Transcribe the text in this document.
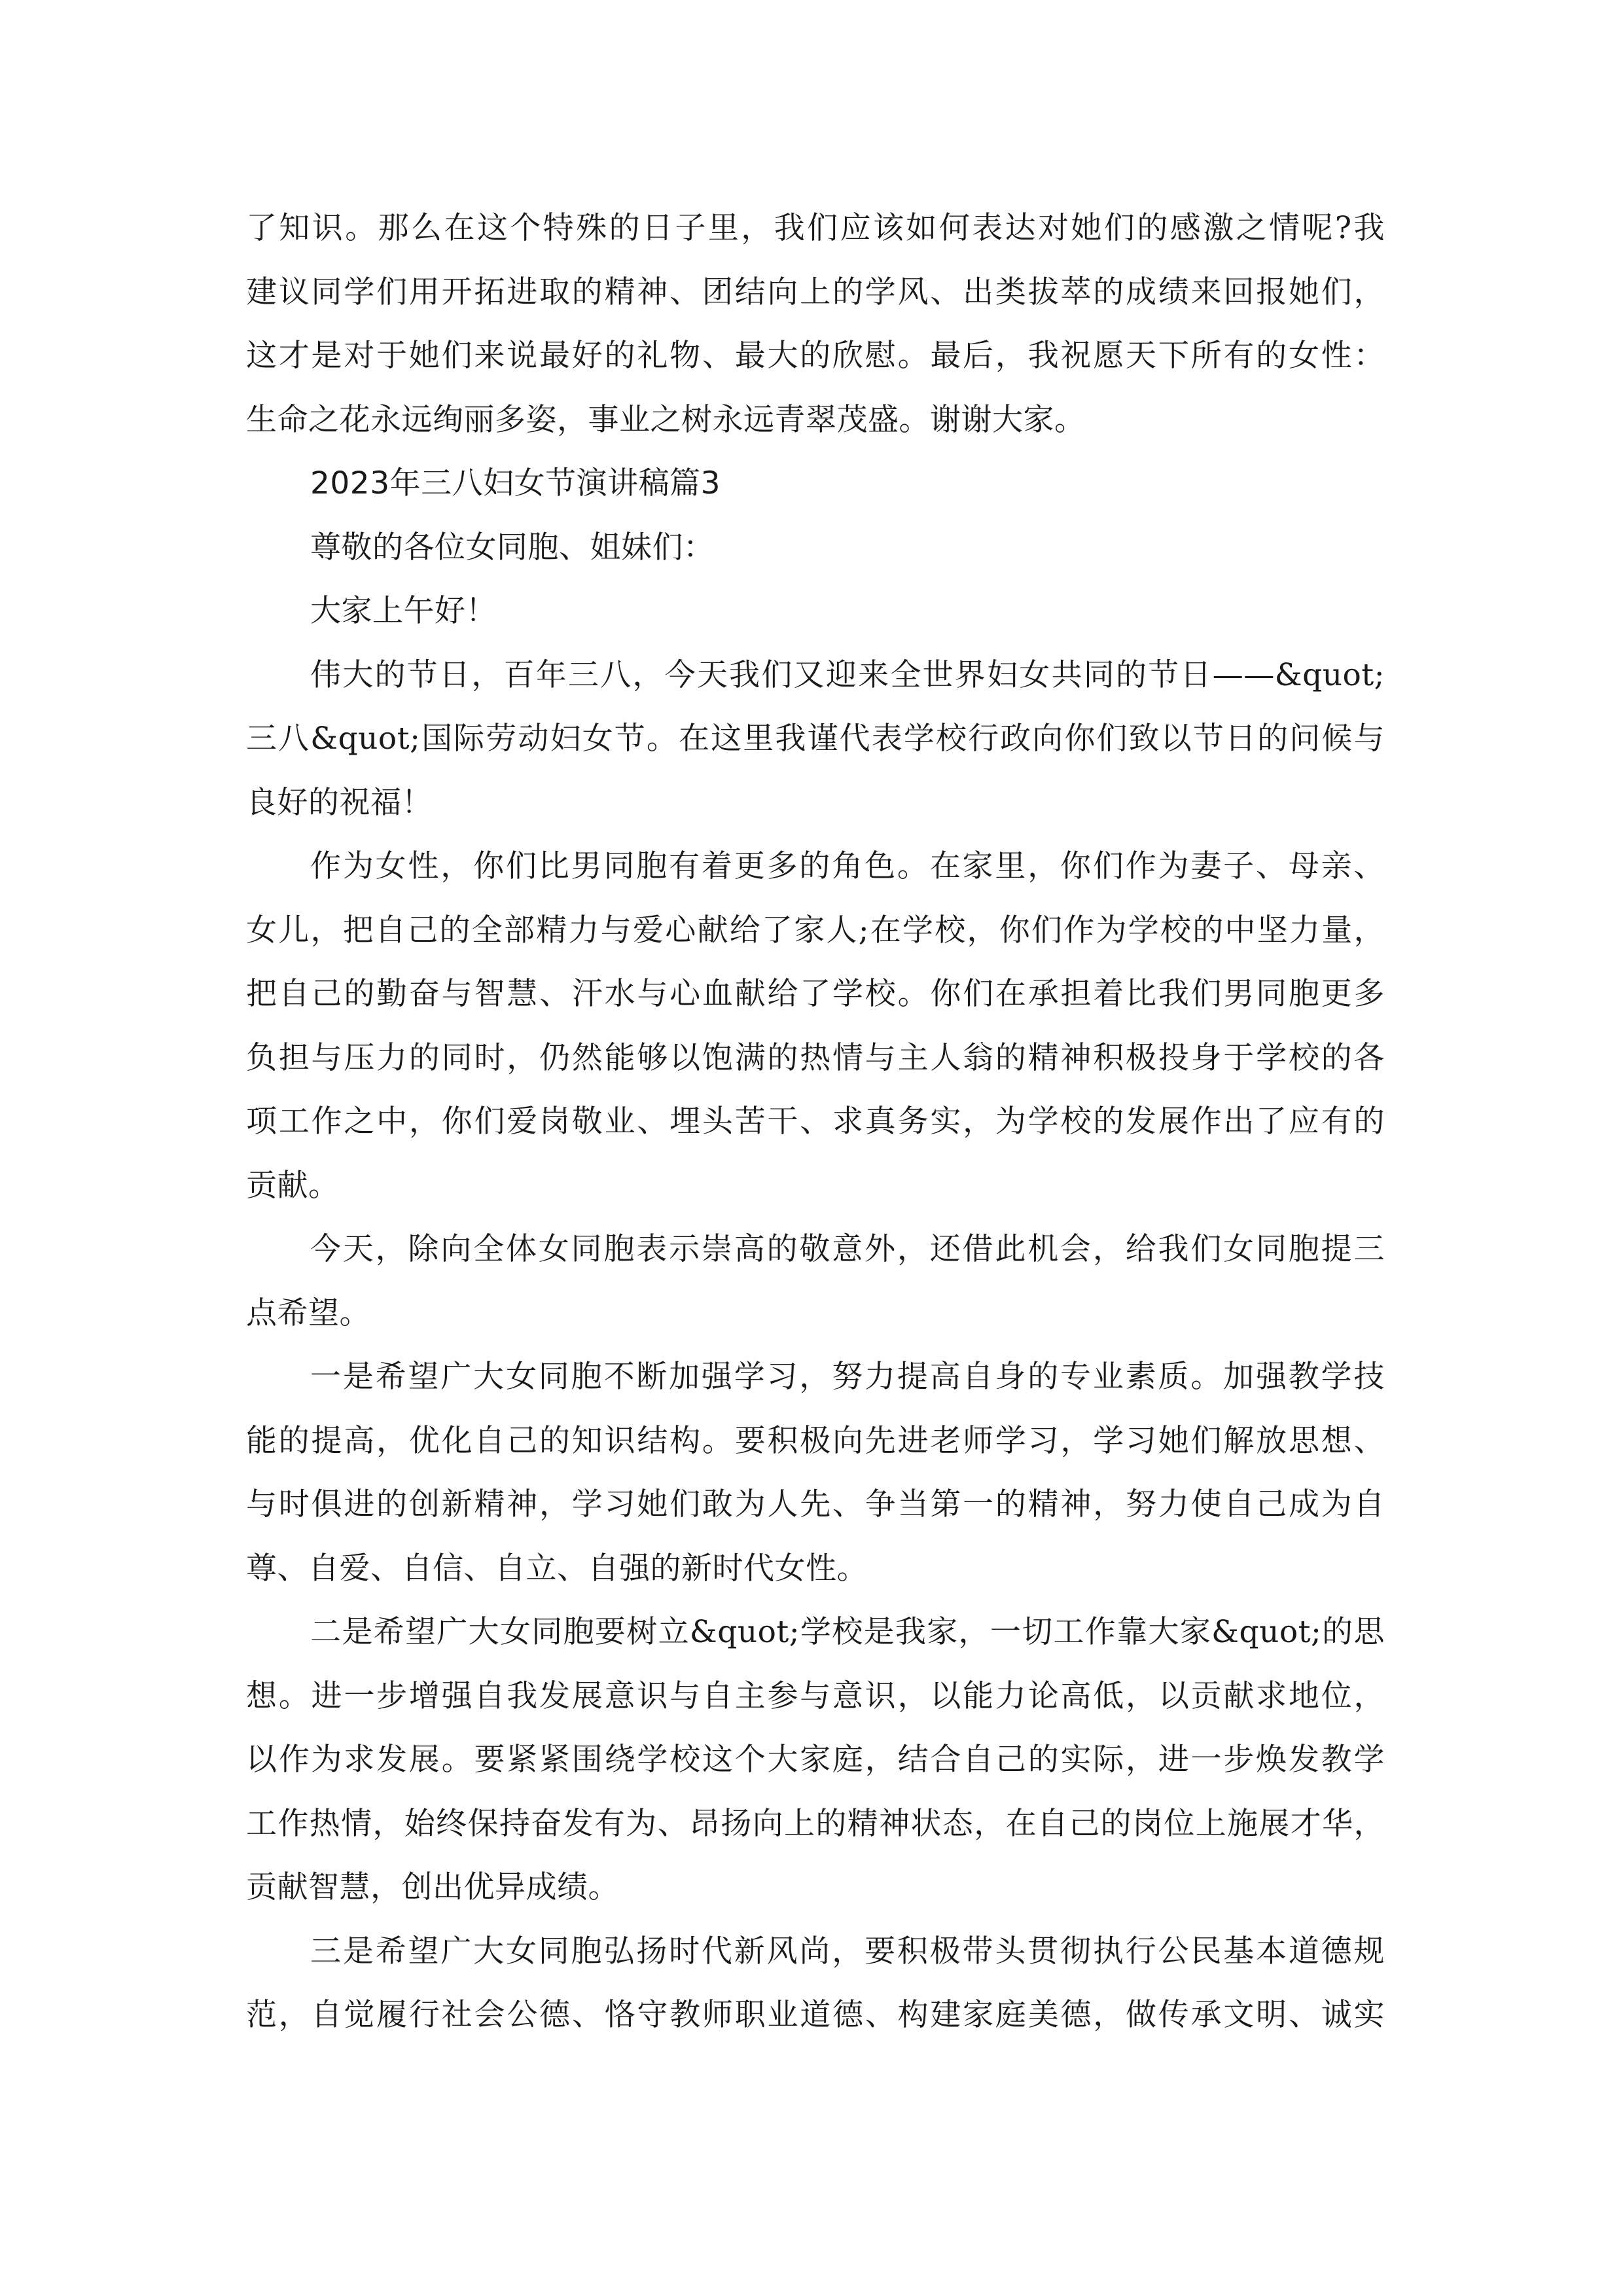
了知识。那么在这个特殊的日子里，我们应该如何表达对她们的感激之情呢?我
建议同学们用开拓进取的精神、团结向上的学风、出类拔萃的成绩来回报她们，
这才是对于她们来说最好的礼物、最大的欣慰。最后，我祝愿天下所有的女性：
生命之花永远绚丽多姿，事业之树永远青翠茂盛。谢谢大家。
2023年三八妇女节演讲稿篇3
尊敬的各位女同胞、姐妹们：
大家上午好！
伟大的节日，百年三八，今天我们又迎来全世界妇女共同的节日——&quot;
三八&quot;国际劳动妇女节。在这里我谨代表学校行政向你们致以节日的问候与
良好的祝福！
作为女性，你们比男同胞有着更多的角色。在家里，你们作为妻子、母亲、
女儿，把自己的全部精力与爱心献给了家人;在学校，你们作为学校的中坚力量，
把自己的勤奋与智慧、汗水与心血献给了学校。你们在承担着比我们男同胞更多
负担与压力的同时，仍然能够以饱满的热情与主人翁的精神积极投身于学校的各
项工作之中，你们爱岗敬业、埋头苦干、求真务实，为学校的发展作出了应有的
贡献。
今天，除向全体女同胞表示崇高的敬意外，还借此机会，给我们女同胞提三
点希望。
一是希望广大女同胞不断加强学习，努力提高自身的专业素质。加强教学技
能的提高，优化自己的知识结构。要积极向先进老师学习，学习她们解放思想、
与时俱进的创新精神，学习她们敢为人先、争当第一的精神，努力使自己成为自
尊、自爱、自信、自立、自强的新时代女性。
二是希望广大女同胞要树立&quot;学校是我家，一切工作靠大家&quot;的思
想。进一步增强自我发展意识与自主参与意识，以能力论高低，以贡献求地位，
以作为求发展。要紧紧围绕学校这个大家庭，结合自己的实际，进一步焕发教学
工作热情，始终保持奋发有为、昂扬向上的精神状态，在自己的岗位上施展才华，
贡献智慧，创出优异成绩。
三是希望广大女同胞弘扬时代新风尚，要积极带头贯彻执行公民基本道德规
范，自觉履行社会公德、恪守教师职业道德、构建家庭美德，做传承文明、诚实
